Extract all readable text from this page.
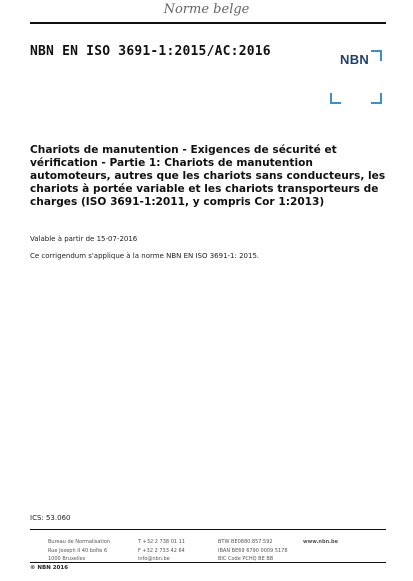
Norme belge
NBN EN ISO 3691-1:2015/AC:2016
NBN
Chariots de manutention - Exigences de sécurité et vérification - Partie 1: Chariots de manutention automoteurs, autres que les chariots sans conducteurs, les chariots à portée variable et les chariots transporteurs de charges (ISO 3691-1:2011, y compris Cor 1:2013)
Valable à partir de 15-07-2016
Ce corrigendum s'applique à la norme NBN EN ISO 3691-1: 2015.
ICS: 53.060
Bureau de Normalisation
Rue Joseph II 40 boîte 6
1000 Bruxelles
T +32 2 738 01 11
F +32 2 733 42 64
info@nbn.be
BTW BE0880.857.592
IBAN BE69 6790 0009 5178
BIC Code PCHQ BE BB
www.nbn.be
© NBN 2016
